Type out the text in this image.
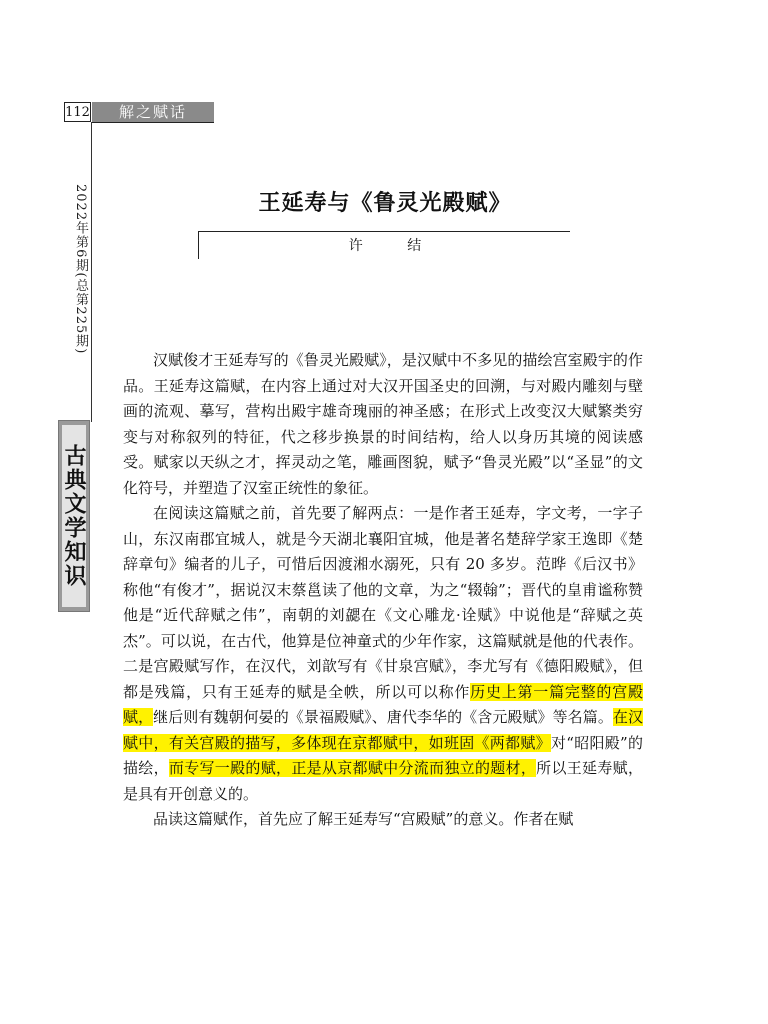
112	解之赋话
2022年第6期(总第225期)
古典文学知识
王延寿与《鲁灵光殿赋》
许 结

汉赋俊才王延寿写的《鲁灵光殿赋》，是汉赋中不多见的描绘宫室殿宇的作品。王延寿这篇赋，在内容上通过对大汉开国圣史的回溯，与对殿内雕刻与壁画的流观、摹写，营构出殿宇雄奇瑰丽的神圣感；在形式上改变汉大赋繁类穷变与对称叙列的特征，代之移步换景的时间结构，给人以身历其境的阅读感受。赋家以天纵之才，挥灵动之笔，雕画图貌，赋予“鲁灵光殿”以“圣显”的文化符号，并塑造了汉室正统性的象征。

在阅读这篇赋之前，首先要了解两点：一是作者王延寿，字文考，一字子山，东汉南郡宜城人，就是今天湖北襄阳宜城，他是著名楚辞学家王逸即《楚辞章句》编者的儿子，可惜后因渡湘水溺死，只有 20 多岁。范晔《后汉书》称他“有俊才”，据说汉末蔡邕读了他的文章，为之“辍翰”；晋代的皇甫谧称赞他是“近代辞赋之伟”，南朝的刘勰在《文心雕龙·诠赋》中说他是“辞赋之英杰”。可以说，在古代，他算是位神童式的少年作家，这篇赋就是他的代表作。二是宫殿赋写作，在汉代，刘歆写有《甘泉宫赋》，李尤写有《德阳殿赋》，但都是残篇，只有王延寿的赋是全帙，所以可以称作历史上第一篇完整的宫殿赋，继后则有魏朝何晏的《景福殿赋》、唐代李华的《含元殿赋》等名篇。在汉赋中，有关宫殿的描写，多体现在京都赋中，如班固《两都赋》对“昭阳殿”的描绘，而专写一殿的赋，正是从京都赋中分流而独立的题材，所以王延寿赋，是具有开创意义的。

品读这篇赋作，首先应了解王延寿写“宫殿赋”的意义。作者在赋
